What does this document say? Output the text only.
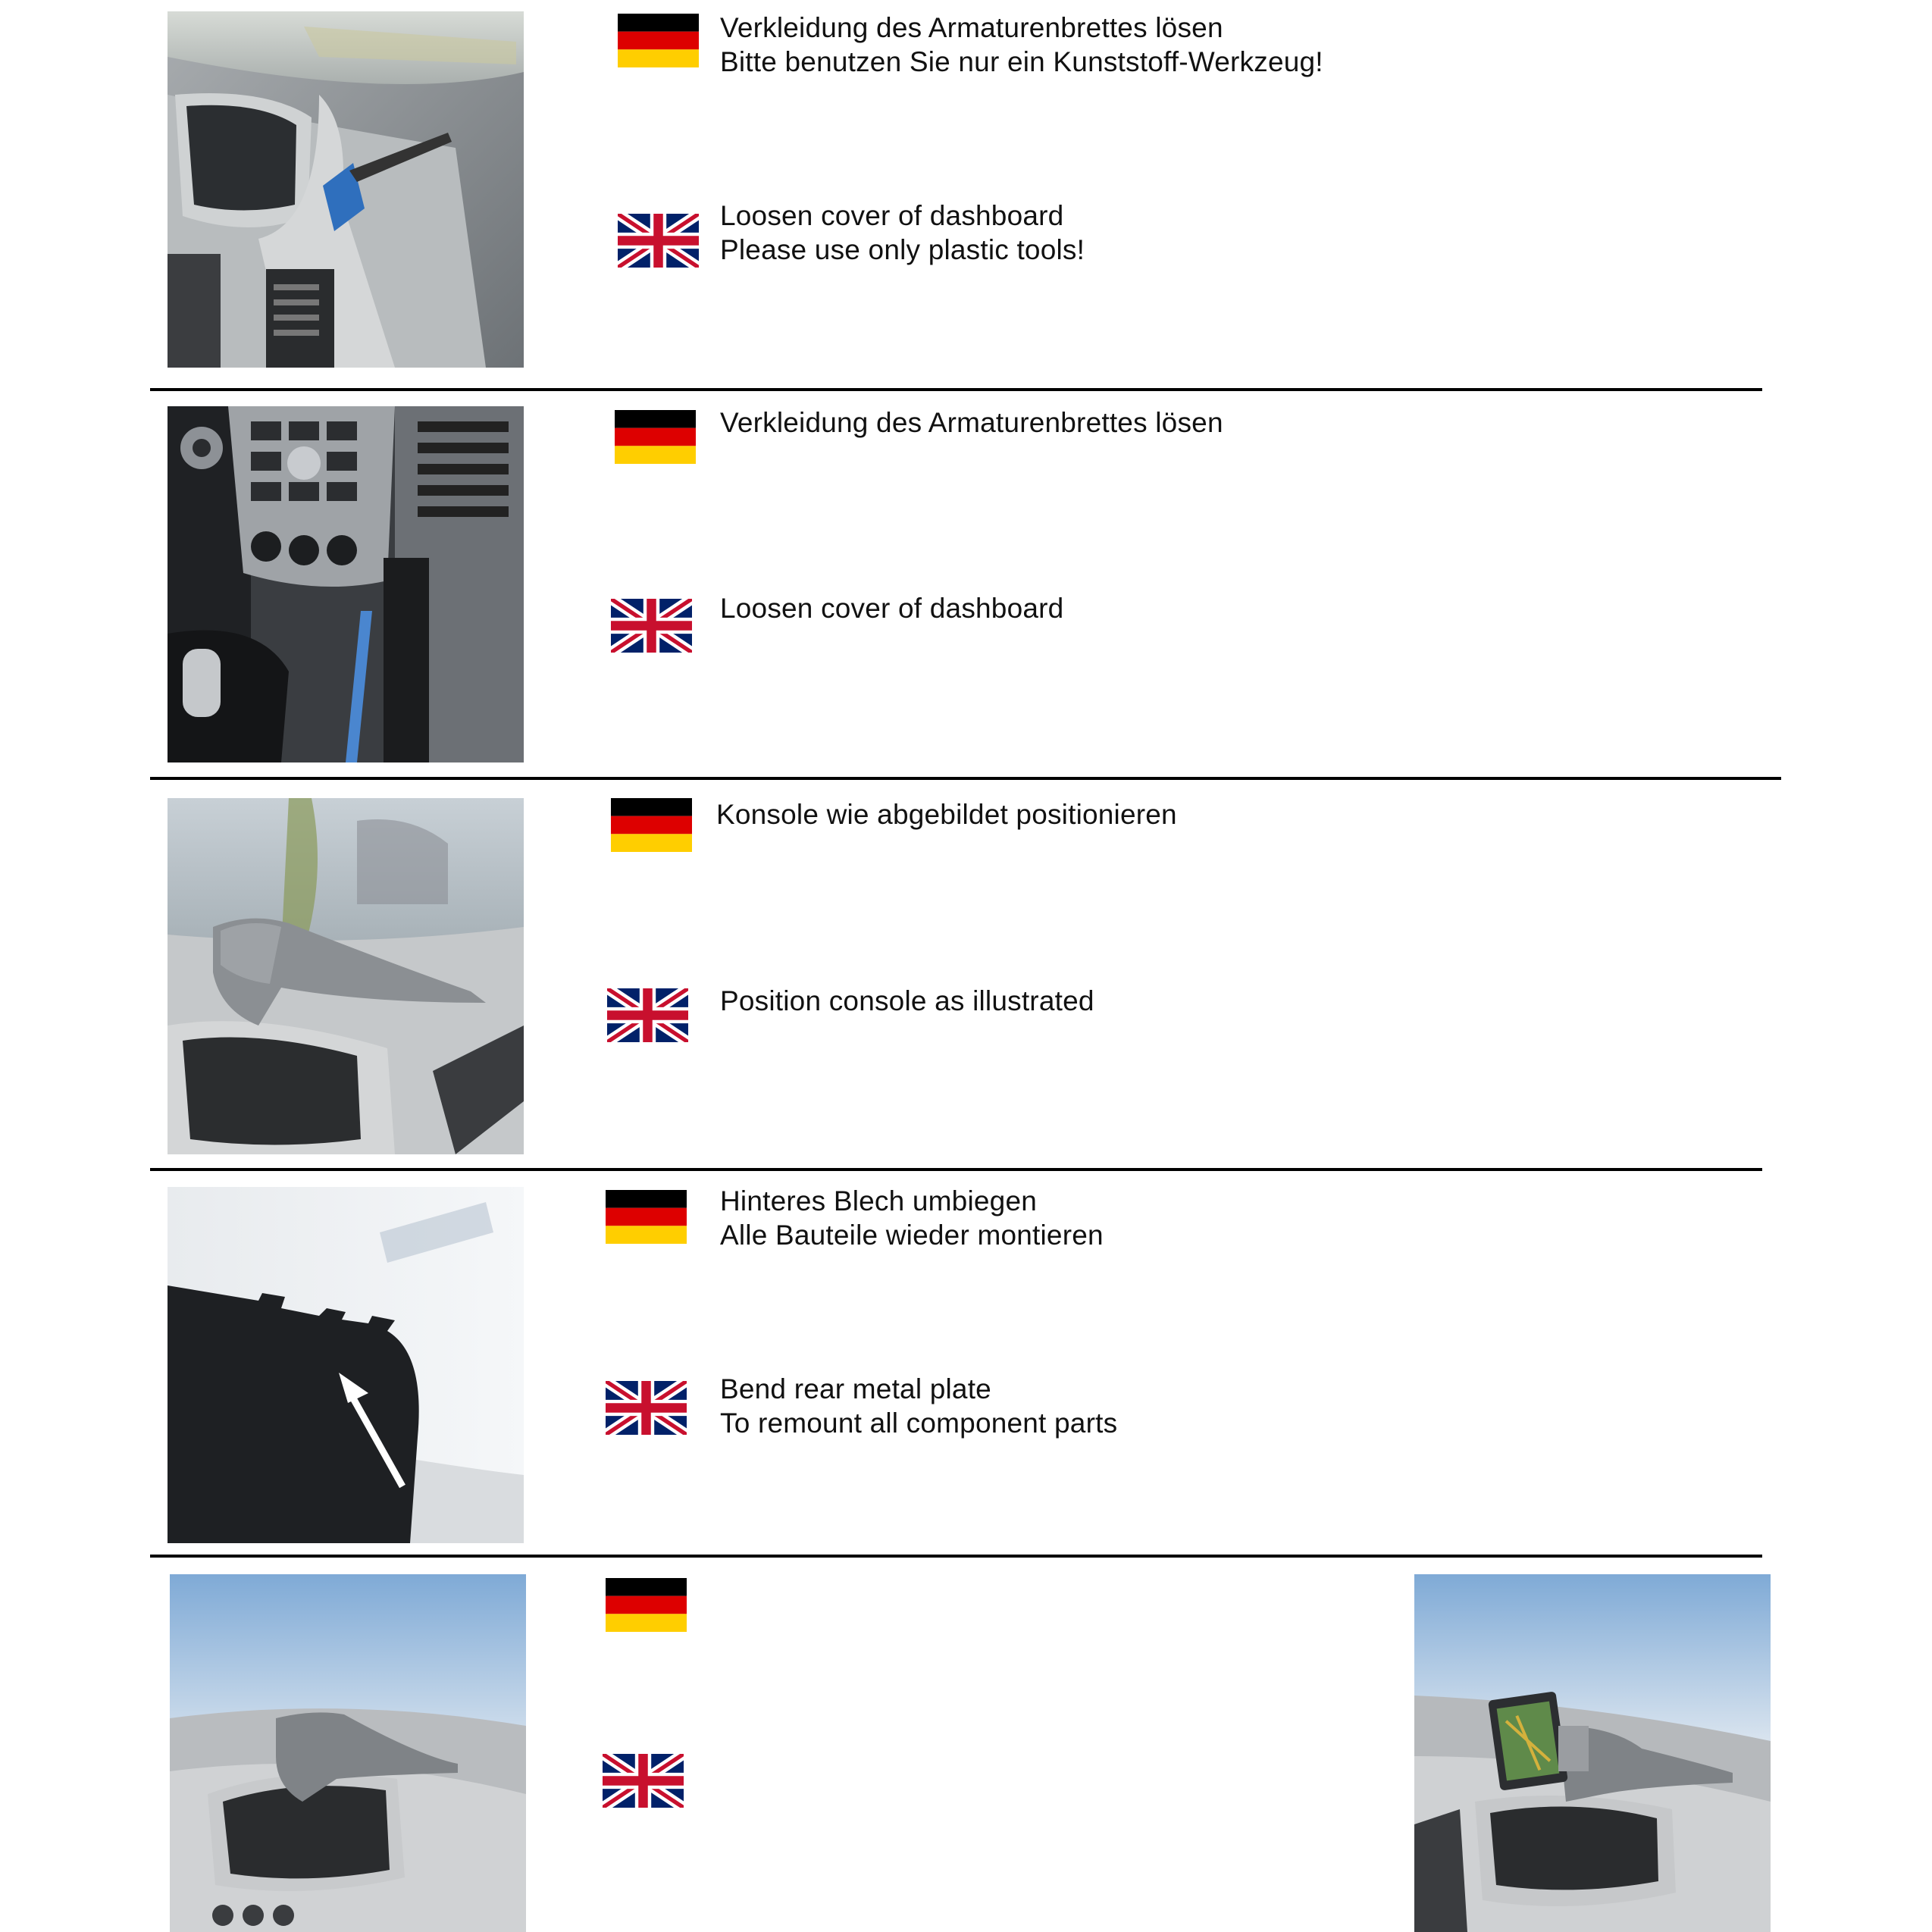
Verkleidung des Armaturenbrettes lösen
Bitte benutzen Sie nur ein Kunststoff-Werkzeug!
Loosen cover of dashboard
Please use only plastic tools!
Verkleidung des Armaturenbrettes lösen
Loosen cover of dashboard
Konsole wie abgebildet positionieren
Position console as illustrated
Hinteres Blech umbiegen
Alle Bauteile wieder montieren
Bend rear metal plate
To remount all component parts
